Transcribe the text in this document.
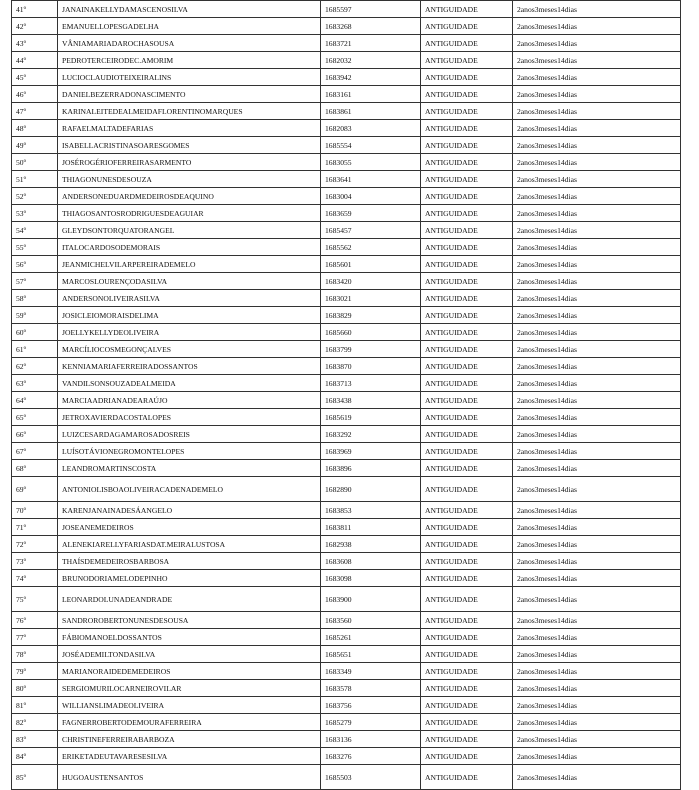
41º	JANAINAKELLYDAMASCENOSILVA	1685597	ANTIGUIDADE	2anos3meses14dias
42º	EMANUELLOPESGADELHA	1683268	ANTIGUIDADE	2anos3meses14dias
43º	VÂNIAMARIADAROCHASOUSA	1683721	ANTIGUIDADE	2anos3meses14dias
44º	PEDROTERCEIRODEC.AMORIM	1682032	ANTIGUIDADE	2anos3meses14dias
45º	LUCIOCLAUDIOTEIXEIRALINS	1683942	ANTIGUIDADE	2anos3meses14dias
46º	DANIELBEZERRADONASCIMENTO	1683161	ANTIGUIDADE	2anos3meses14dias
47º	KARINALEITEDEALMEIDAFLORENTINOMARQUES	1683861	ANTIGUIDADE	2anos3meses14dias
48º	RAFAELMALTADEFARIAS	1682083	ANTIGUIDADE	2anos3meses14dias
49º	ISABELLACRISTINASOARESGOMES	1685554	ANTIGUIDADE	2anos3meses14dias
50º	JOSÉROGÉRIOFERREIRASARMENTO	1683055	ANTIGUIDADE	2anos3meses14dias
51º	THIAGONUNESDESOUZA	1683641	ANTIGUIDADE	2anos3meses14dias
52º	ANDERSONEDUARDMEDEIROSDEAQUINO	1683004	ANTIGUIDADE	2anos3meses14dias
53º	THIAGOSANTOSRODRIGUESDEAGUIAR	1683659	ANTIGUIDADE	2anos3meses14dias
54º	GLEYDSONTORQUATORANGEL	1685457	ANTIGUIDADE	2anos3meses14dias
55º	ITALOCARDOSODEMORAIS	1685562	ANTIGUIDADE	2anos3meses14dias
56º	JEANMICHELVILARPEREIRADEMELO	1685601	ANTIGUIDADE	2anos3meses14dias
57º	MARCOSLOURENÇODASILVA	1683420	ANTIGUIDADE	2anos3meses14dias
58º	ANDERSONOLIVEIRASILVA	1683021	ANTIGUIDADE	2anos3meses14dias
59º	JOSICLEIOMORAISDELIMA	1683829	ANTIGUIDADE	2anos3meses14dias
60º	JOELLYKELLYDEOLIVEIRA	1685660	ANTIGUIDADE	2anos3meses14dias
61º	MARCÍLIOCOSMEGONÇALVES	1683799	ANTIGUIDADE	2anos3meses14dias
62º	KENNIAMARIAFERREIRADOSSANTOS	1683870	ANTIGUIDADE	2anos3meses14dias
63º	VANDILSONSOUZADEALMEIDA	1683713	ANTIGUIDADE	2anos3meses14dias
64º	MARCIAADRIANADEARAÚJO	1683438	ANTIGUIDADE	2anos3meses14dias
65º	JETROXAVIERDACOSTALOPES	1685619	ANTIGUIDADE	2anos3meses14dias
66º	LUIZCESARDAGAMAROSADOSREIS	1683292	ANTIGUIDADE	2anos3meses14dias
67º	LUÍSOTÁVIONEGROMONTELOPES	1683969	ANTIGUIDADE	2anos3meses14dias
68º	LEANDROMARTINSCOSTA	1683896	ANTIGUIDADE	2anos3meses14dias
69º	ANTONIOLISBOAOLIVEIRACADENADEMELO	1682890	ANTIGUIDADE	2anos3meses14dias
70º	KARENJANAINADESÁANGELO	1683853	ANTIGUIDADE	2anos3meses14dias
71º	JOSEANEMEDEIROS	1683811	ANTIGUIDADE	2anos3meses14dias
72º	ALENEKIARELLYFARIASDAT.MEIRALUSTOSA	1682938	ANTIGUIDADE	2anos3meses14dias
73º	THAÍSDEMEDEIROSBARBOSA	1683608	ANTIGUIDADE	2anos3meses14dias
74º	BRUNODORIAMELODEPINHO	1683098	ANTIGUIDADE	2anos3meses14dias
75º	LEONARDOLUNADEANDRADE	1683900	ANTIGUIDADE	2anos3meses14dias
76º	SANDROROBERTONUNESDESOUSA	1683560	ANTIGUIDADE	2anos3meses14dias
77º	FÁBIOMANOELDOSSANTOS	1685261	ANTIGUIDADE	2anos3meses14dias
78º	JOSÉADEMILTONDASILVA	1685651	ANTIGUIDADE	2anos3meses14dias
79º	MARIANORAIDEDEMEDEIROS	1683349	ANTIGUIDADE	2anos3meses14dias
80º	SERGIOMURILOCARNEIROVILAR	1683578	ANTIGUIDADE	2anos3meses14dias
81º	WILLIANSLIMADEOLIVEIRA	1683756	ANTIGUIDADE	2anos3meses14dias
82º	FAGNERROBERTODEMOURAFERREIRA	1685279	ANTIGUIDADE	2anos3meses14dias
83º	CHRISTINEFERREIRABARBOZA	1683136	ANTIGUIDADE	2anos3meses14dias
84º	ERIKETADEUTAVARESESILVA	1683276	ANTIGUIDADE	2anos3meses14dias
85º	HUGOAUSTENSANTOS	1685503	ANTIGUIDADE	2anos3meses14dias
